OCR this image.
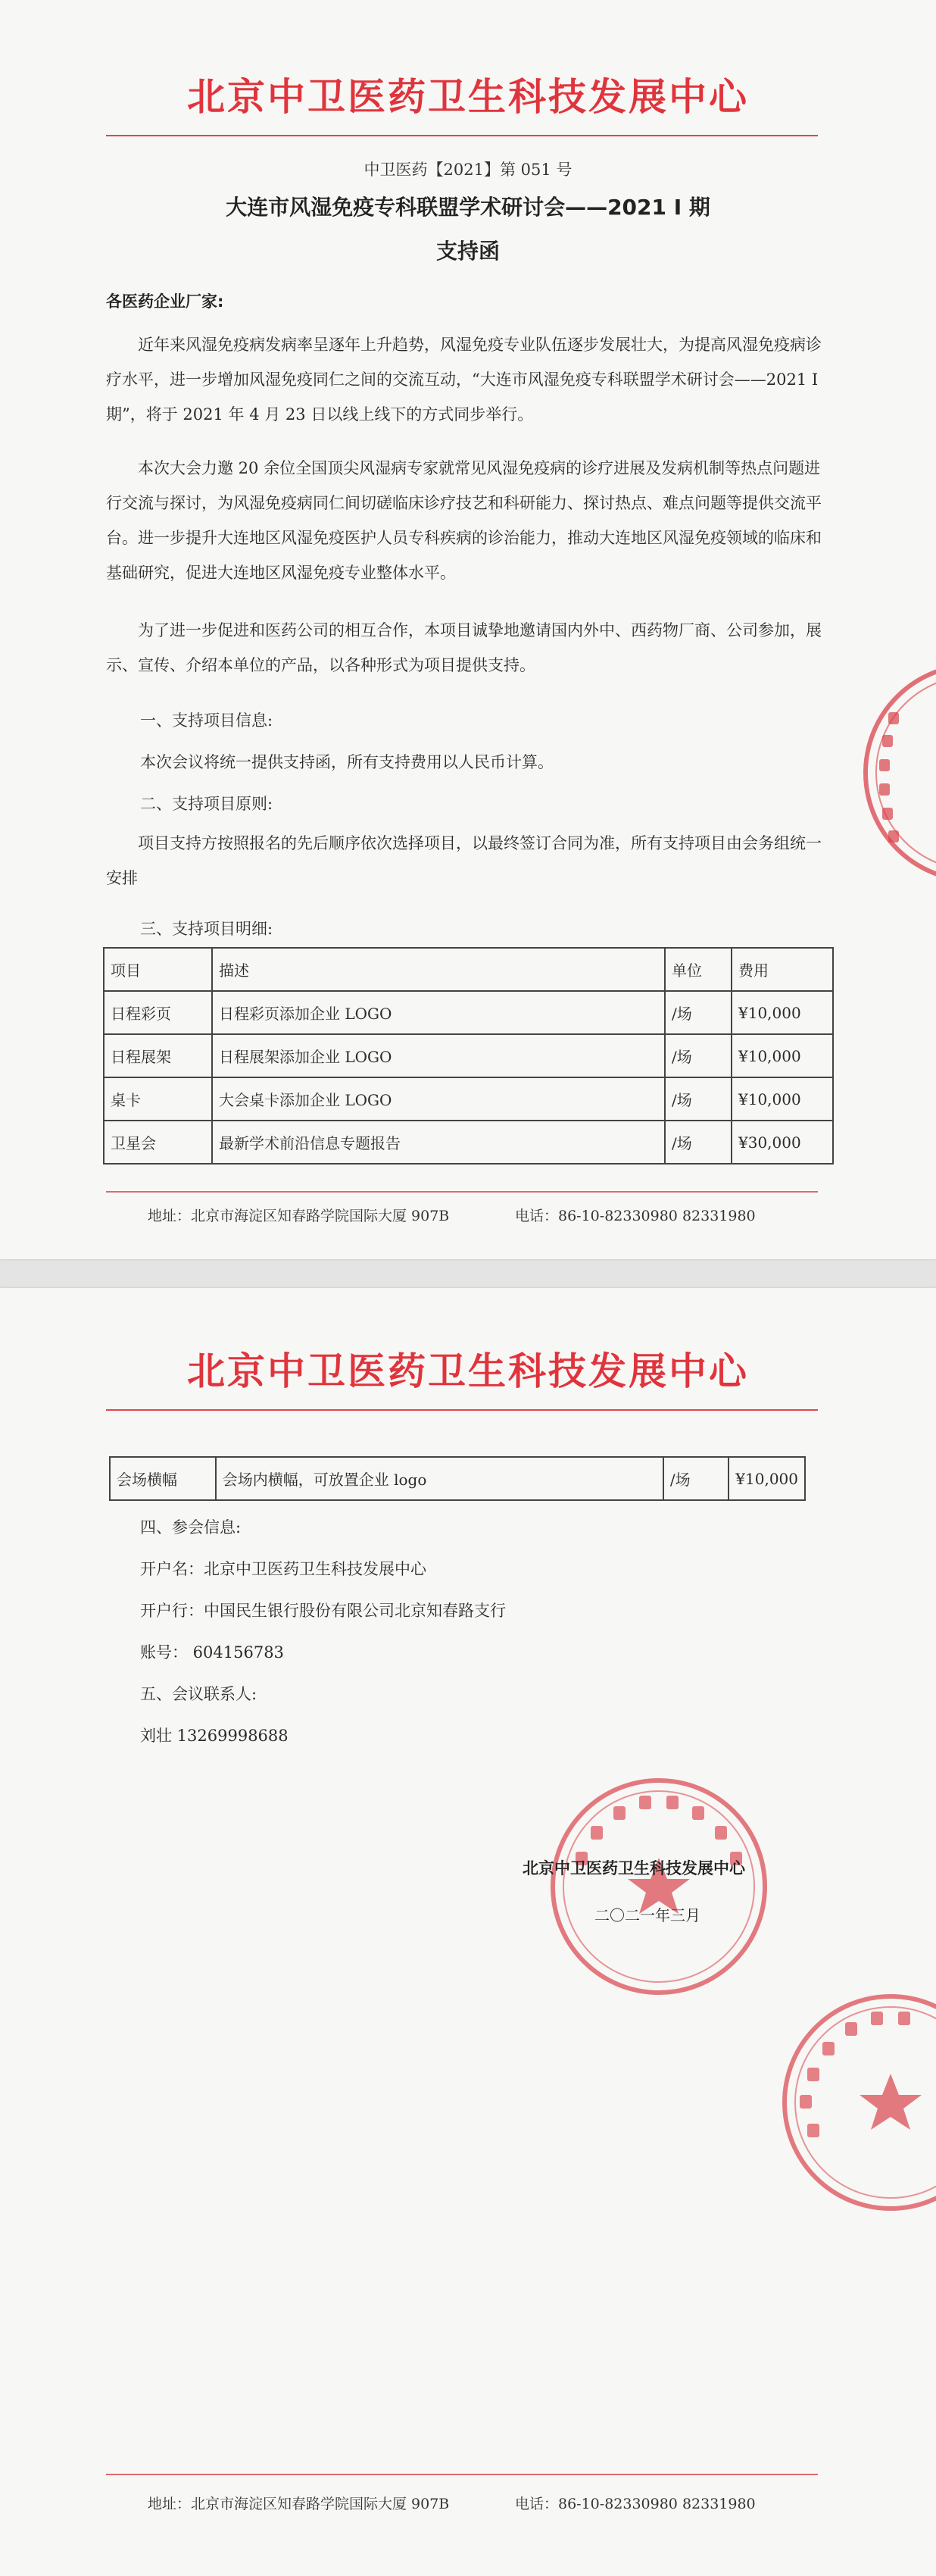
北京中卫医药卫生科技发展中心
中卫医药【2021】第 051 号
大连市风湿免疫专科联盟学术研讨会——2021 I 期
支持函
各医药企业厂家:

近年来风湿免疫病发病率呈逐年上升趋势，风湿免疫专业队伍逐步发展壮大，为提高风湿免疫病诊疗水平，进一步增加风湿免疫同仁之间的交流互动，“大连市风湿免疫专科联盟学术研讨会——2021 I 期”，将于 2021 年 4 月 23 日以线上线下的方式同步举行。

本次大会力邀 20 余位全国顶尖风湿病专家就常见风湿免疫病的诊疗进展及发病机制等热点问题进行交流与探讨，为风湿免疫病同仁间切磋临床诊疗技艺和科研能力、探讨热点、难点问题等提供交流平台。进一步提升大连地区风湿免疫医护人员专科疾病的诊治能力，推动大连地区风湿免疫领域的临床和基础研究，促进大连地区风湿免疫专业整体水平。

为了进一步促进和医药公司的相互合作，本项目诚挚地邀请国内外中、西药物厂商、公司参加，展示、宣传、介绍本单位的产品，以各种形式为项目提供支持。

一、支持项目信息:
本次会议将统一提供支持函，所有支持费用以人民币计算。
二、支持项目原则:

项目支持方按照报名的先后顺序依次选择项目，以最终签订合同为准，所有支持项目由会务组统一安排

三、支持项目明细:
项目	描述	单位	费用
日程彩页	日程彩页添加企业 LOGO	/场	¥10,000
日程展架	日程展架添加企业 LOGO	/场	¥10,000
桌卡	大会桌卡添加企业 LOGO	/场	¥10,000
卫星会	最新学术前沿信息专题报告	/场	¥30,000
地址：北京市海淀区知春路学院国际大厦 907B	电话：86-10-82330980 82331980
北京中卫医药卫生科技发展中心
会场横幅	会场内横幅，可放置企业 logo	/场	¥10,000
四、参会信息:
开户名：北京中卫医药卫生科技发展中心
开户行：中国民生银行股份有限公司北京知春路支行
账号： 604156783
五、会议联系人:
刘壮 13269998688
北京中卫医药卫生科技发展中心
二〇二一年三月
地址：北京市海淀区知春路学院国际大厦 907B	电话：86-10-82330980 82331980
